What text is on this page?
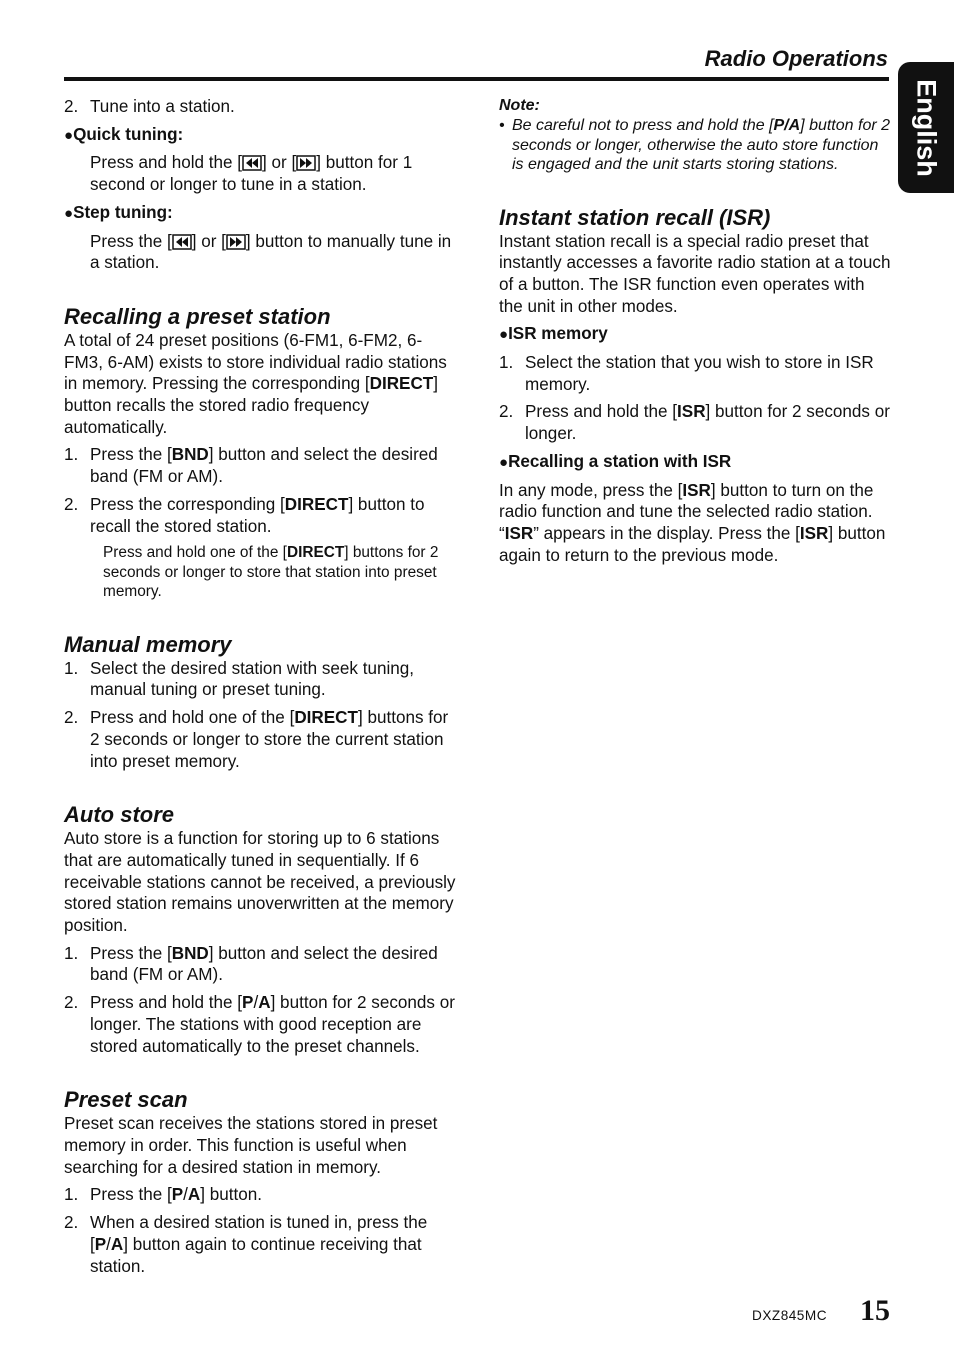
Radio Operations
English
2. Tune into a station.
● Quick tuning:
Press and hold the [ ] or [ ] button for 1 second or longer to tune in a station.
● Step tuning:
Press the [ ] or [ ] button to manually tune in a station.
Recalling a preset station

A total of 24 preset positions (6-FM1, 6-FM2, 6-FM3, 6-AM) exists to store individual radio stations in memory. Pressing the corresponding [DIRECT] button recalls the stored radio frequency automatically.

1. Press the [BND] button and select the desired band (FM or AM).
2. Press the corresponding [DIRECT] button to recall the stored station.
Press and hold one of the [DIRECT] buttons for 2 seconds or longer to store that station into preset memory.
Manual memory
1. Select the desired station with seek tuning, manual tuning or preset tuning.
2. Press and hold one of the [DIRECT] buttons for 2 seconds or longer to store the current station into preset memory.
Auto store

Auto store is a function for storing up to 6 stations that are automatically tuned in sequentially. If 6 receivable stations cannot be received, a previously stored station remains unoverwritten at the memory position.

1. Press the [BND] button and select the desired band (FM or AM).
2. Press and hold the [P/A] button for 2 seconds or longer. The stations with good reception are stored automatically to the preset channels.
Preset scan

Preset scan receives the stations stored in preset memory in order. This function is useful when searching for a desired station in memory.

1. Press the [P/A] button.
2. When a desired station is tuned in, press the [P/A] button again to continue receiving that station.
Note:
• Be careful not to press and hold the [P/A] button for 2 seconds or longer, otherwise the auto store function is engaged and the unit starts storing stations.
Instant station recall (ISR)

Instant station recall is a special radio preset that instantly accesses a favorite radio station at a touch of a button. The ISR function even operates with the unit in other modes.

● ISR memory
1. Select the station that you wish to store in ISR memory.
2. Press and hold the [ISR] button for 2 seconds or longer.
● Recalling a station with ISR

In any mode, press the [ISR] button to turn on the radio function and tune the selected radio station. “ISR” appears in the display. Press the [ISR] button again to return to the previous mode.

DXZ845MC 15
